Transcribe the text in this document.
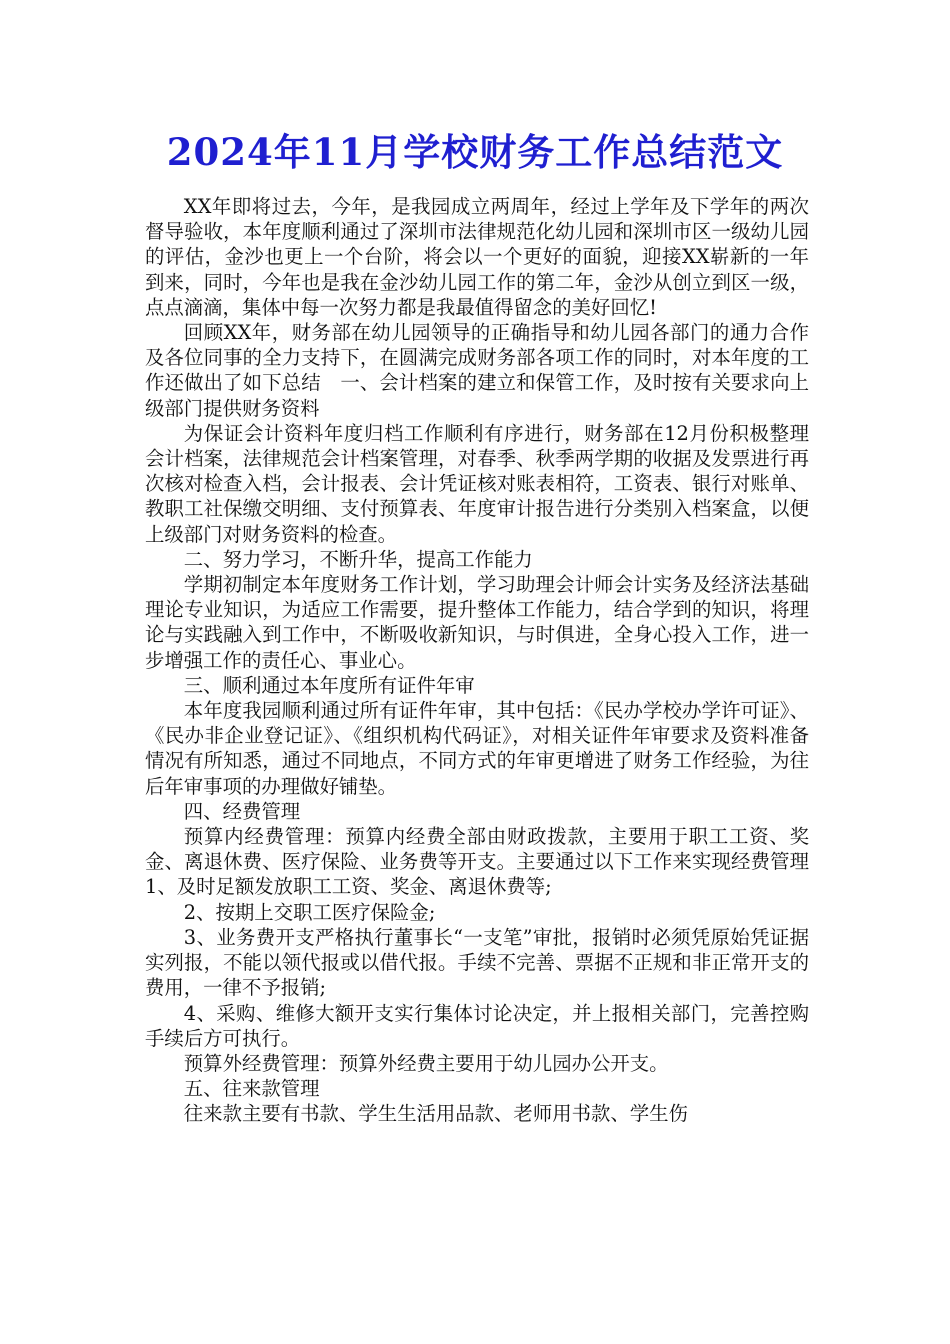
2024年11月学校财务工作总结范文

XX年即将过去，今年，是我园成立两周年，经过上学年及下学年的两次督导验收，本年度顺利通过了深圳市法律规范化幼儿园和深圳市区一级幼儿园的评估，金沙也更上一个台阶，将会以一个更好的面貌，迎接XX崭新的一年到来，同时，今年也是我在金沙幼儿园工作的第二年，金沙从创立到区一级，点点滴滴，集体中每一次努力都是我最值得留念的美好回忆!

回顾XX年，财务部在幼儿园领导的正确指导和幼儿园各部门的通力合作及各位同事的全力支持下，在圆满完成财务部各项工作的同时，对本年度的工作还做出了如下总结　一、会计档案的建立和保管工作，及时按有关要求向上级部门提供财务资料

为保证会计资料年度归档工作顺利有序进行，财务部在12月份积极整理会计档案，法律规范会计档案管理，对春季、秋季两学期的收据及发票进行再次核对检查入档，会计报表、会计凭证核对账表相符，工资表、银行对账单、教职工社保缴交明细、支付预算表、年度审计报告进行分类别入档案盒，以便上级部门对财务资料的检查。

二、努力学习，不断升华，提高工作能力

学期初制定本年度财务工作计划，学习助理会计师会计实务及经济法基础理论专业知识，为适应工作需要，提升整体工作能力，结合学到的知识，将理论与实践融入到工作中，不断吸收新知识，与时俱进，全身心投入工作，进一步增强工作的责任心、事业心。

三、顺利通过本年度所有证件年审

本年度我园顺利通过所有证件年审，其中包括：《民办学校办学许可证》、《民办非企业登记证》、《组织机构代码证》，对相关证件年审要求及资料准备情况有所知悉，通过不同地点，不同方式的年审更增进了财务工作经验，为往后年审事项的办理做好铺垫。

四、经费管理

预算内经费管理：预算内经费全部由财政拨款，主要用于职工工资、奖金、离退休费、医疗保险、业务费等开支。主要通过以下工作来实现经费管理　1、及时足额发放职工工资、奖金、离退休费等;

2、按期上交职工医疗保险金;

3、业务费开支严格执行董事长“一支笔”审批，报销时必须凭原始凭证据实列报，不能以领代报或以借代报。手续不完善、票据不正规和非正常开支的费用，一律不予报销;

4、采购、维修大额开支实行集体讨论决定，并上报相关部门，完善控购手续后方可执行。

预算外经费管理：预算外经费主要用于幼儿园办公开支。

五、往来款管理

往来款主要有书款、学生生活用品款、老师用书款、学生伤
